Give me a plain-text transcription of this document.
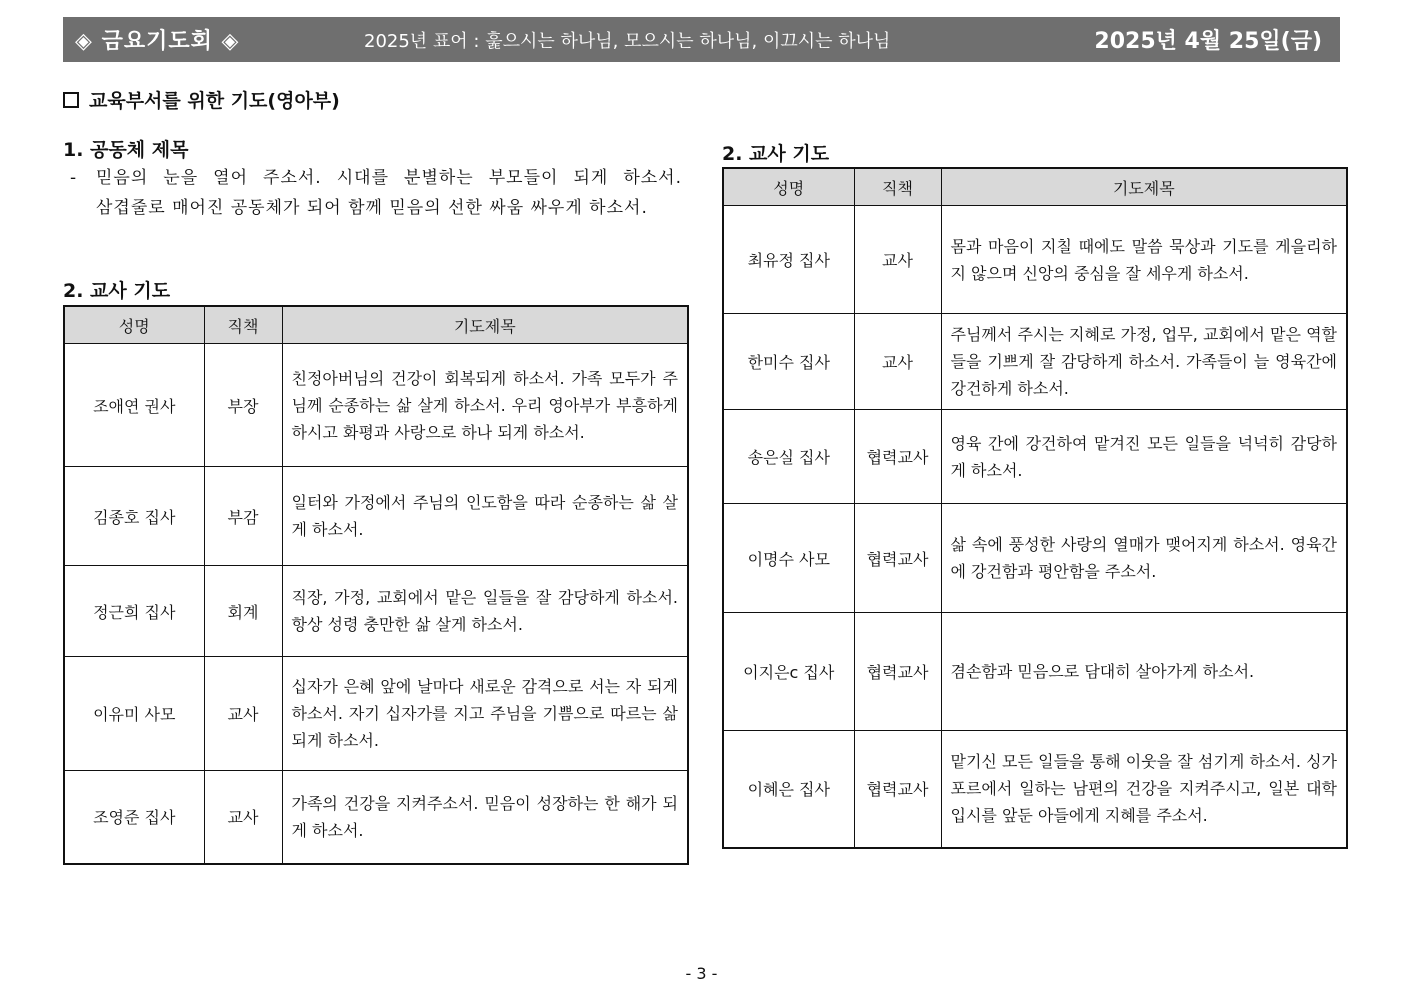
◈ 금요기도회 ◈	2025년 표어 : 훑으시는 하나님, 모으시는 하나님, 이끄시는 하나님	2025년 4월 25일(금)
교육부서를 위한 기도(영아부)
1. 공동체 제목
- 믿음의 눈을 열어 주소서. 시대를 분별하는 부모들이 되게 하소서. 삼겹줄로 매어진 공동체가 되어 함께 믿음의 선한 싸움 싸우게 하소서.
2. 교사 기도
2. 교사 기도
성명	직책	기도제목
조애연 권사	부장	친정아버님의 건강이 회복되게 하소서. 가족 모두가 주님께 순종하는 삶 살게 하소서. 우리 영아부가 부흥하게 하시고 화평과 사랑으로 하나 되게 하소서.
김종호 집사	부감	일터와 가정에서 주님의 인도함을 따라 순종하는 삶 살게 하소서.
정근희 집사	회계	직장, 가정, 교회에서 맡은 일들을 잘 감당하게 하소서. 항상 성령 충만한 삶 살게 하소서.
이유미 사모	교사	십자가 은혜 앞에 날마다 새로운 감격으로 서는 자 되게 하소서. 자기 십자가를 지고 주님을 기쁨으로 따르는 삶 되게 하소서.
조영준 집사	교사	가족의 건강을 지켜주소서. 믿음이 성장하는 한 해가 되게 하소서.
성명	직책	기도제목
최유정 집사	교사	몸과 마음이 지칠 때에도 말씀 묵상과 기도를 게을리하지 않으며 신앙의 중심을 잘 세우게 하소서.
한미수 집사	교사	주님께서 주시는 지혜로 가정, 업무, 교회에서 맡은 역할들을 기쁘게 잘 감당하게 하소서. 가족들이 늘 영육간에 강건하게 하소서.
송은실 집사	협력교사	영육 간에 강건하여 맡겨진 모든 일들을 넉넉히 감당하게 하소서.
이명수 사모	협력교사	삶 속에 풍성한 사랑의 열매가 맺어지게 하소서. 영육간에 강건함과 평안함을 주소서.
이지은c 집사	협력교사	겸손함과 믿음으로 담대히 살아가게 하소서.
이혜은 집사	협력교사	맡기신 모든 일들을 통해 이웃을 잘 섬기게 하소서. 싱가포르에서 일하는 남편의 건강을 지켜주시고, 일본 대학 입시를 앞둔 아들에게 지혜를 주소서.
- 3 -
